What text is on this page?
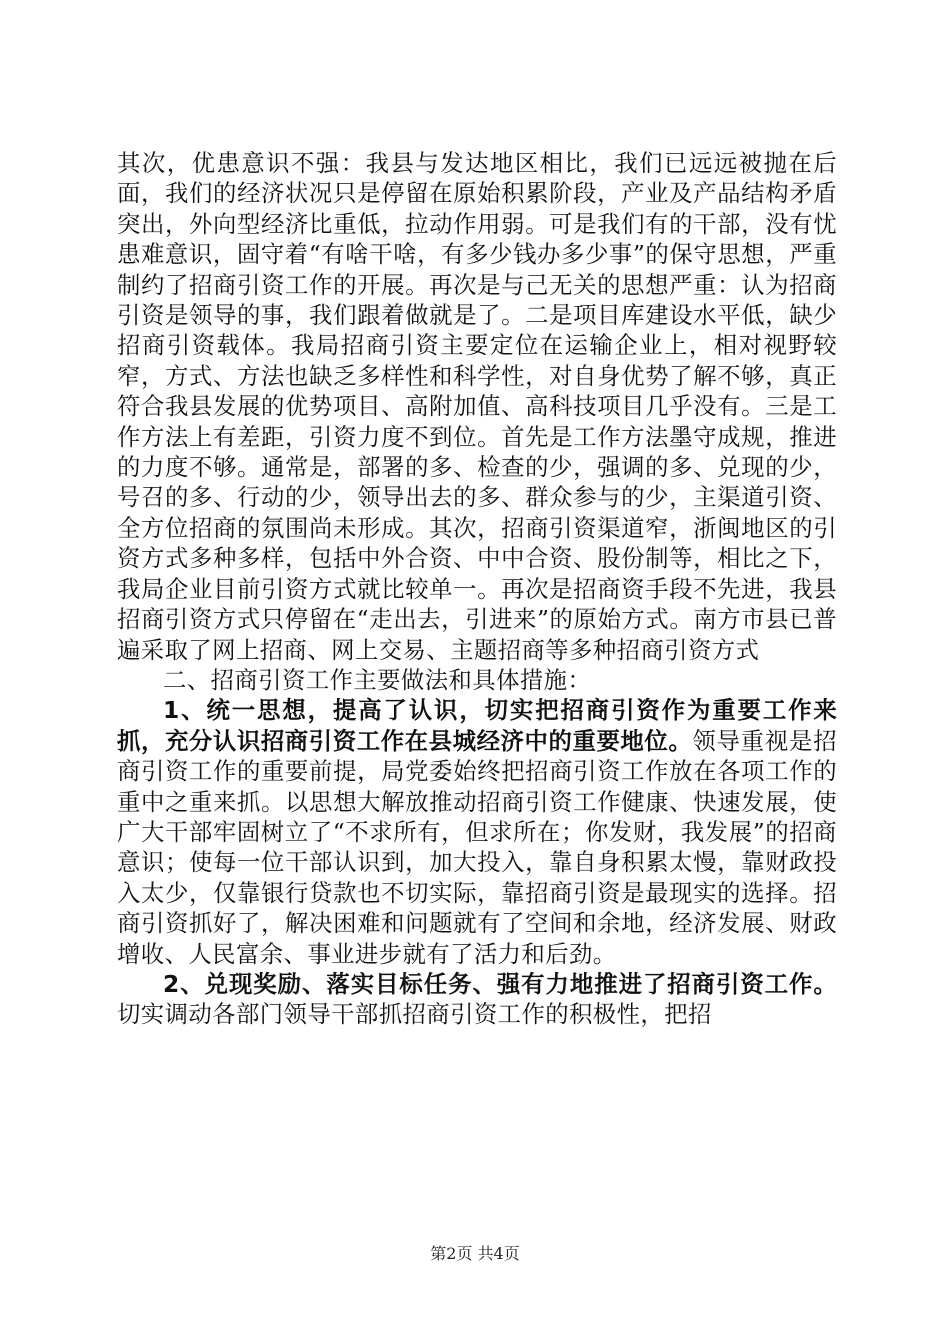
其次，优患意识不强：我县与发达地区相比，我们已远远被抛在后面，我们的经济状况只是停留在原始积累阶段，产业及产品结构矛盾突出，外向型经济比重低，拉动作用弱。可是我们有的干部，没有忧患难意识，固守着“有啥干啥，有多少钱办多少事”的保守思想，严重制约了招商引资工作的开展。再次是与己无关的思想严重：认为招商引资是领导的事，我们跟着做就是了。二是项目库建设水平低，缺少招商引资载体。我局招商引资主要定位在运输企业上，相对视野较窄，方式、方法也缺乏多样性和科学性，对自身优势了解不够，真正符合我县发展的优势项目、高附加值、高科技项目几乎没有。三是工作方法上有差距，引资力度不到位。首先是工作方法墨守成规，推进的力度不够。通常是，部署的多、检查的少，强调的多、兑现的少，号召的多、行动的少，领导出去的多、群众参与的少，主渠道引资、全方位招商的氛围尚未形成。其次，招商引资渠道窄，浙闽地区的引资方式多种多样，包括中外合资、中中合资、股份制等，相比之下，我局企业目前引资方式就比较单一。再次是招商资手段不先进，我县招商引资方式只停留在“走出去，引进来”的原始方式。南方市县已普遍采取了网上招商、网上交易、主题招商等多种招商引资方式

二、招商引资工作主要做法和具体措施：

1、统一思想，提高了认识，切实把招商引资作为重要工作来抓，充分认识招商引资工作在县城经济中的重要地位。领导重视是招商引资工作的重要前提，局党委始终把招商引资工作放在各项工作的重中之重来抓。以思想大解放推动招商引资工作健康、快速发展，使广大干部牢固树立了“不求所有，但求所在；你发财，我发展”的招商意识；使每一位干部认识到，加大投入，靠自身积累太慢，靠财政投入太少，仅靠银行贷款也不切实际，靠招商引资是最现实的选择。招商引资抓好了，解决困难和问题就有了空间和余地，经济发展、财政增收、人民富余、事业进步就有了活力和后劲。

2、兑现奖励、落实目标任务、强有力地推进了招商引资工作。切实调动各部门领导干部抓招商引资工作的积极性，把招

第2页 共4页
